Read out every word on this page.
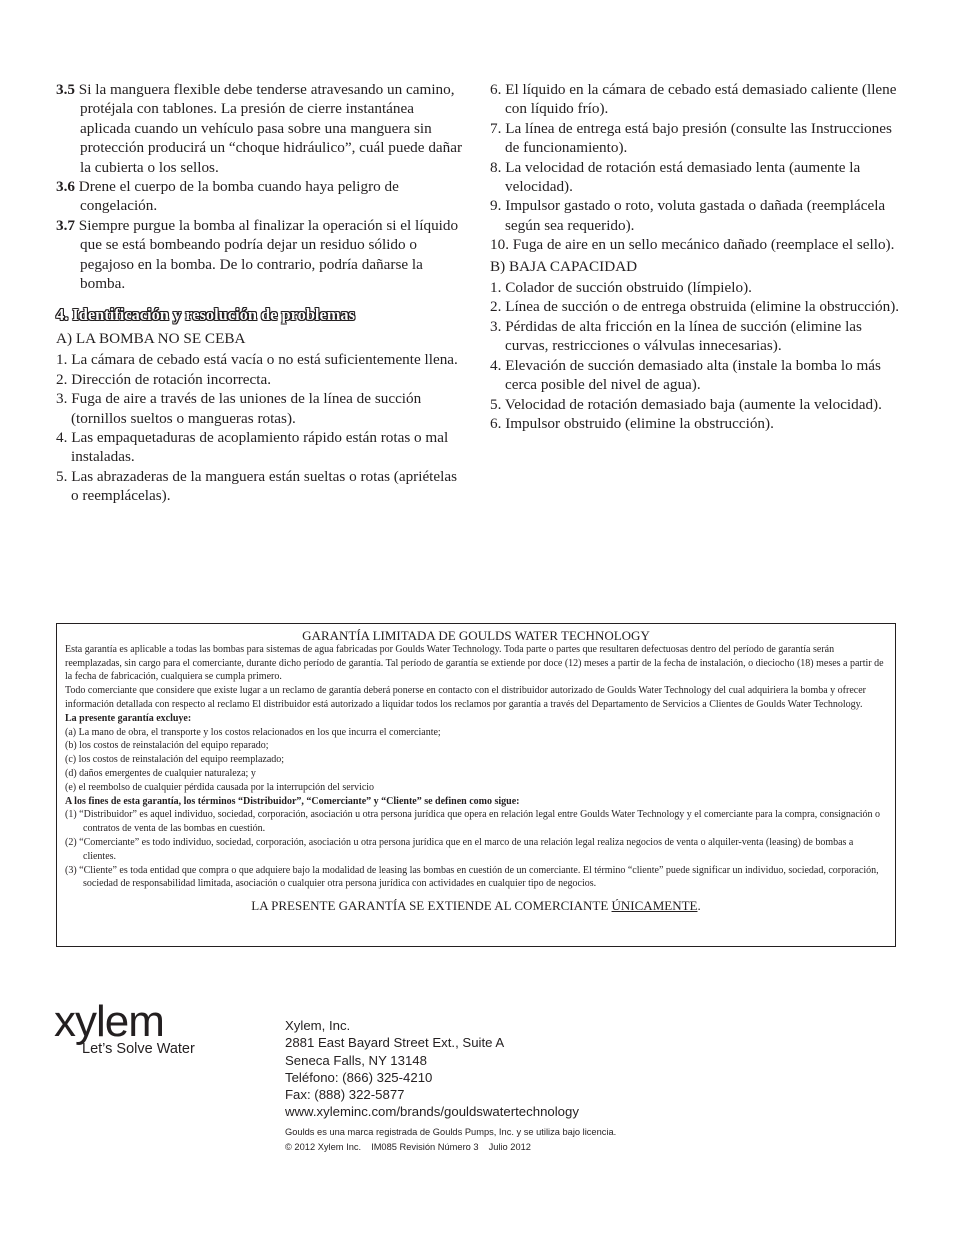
3.5 Si la manguera flexible debe tenderse atravesando un camino, protéjala con tablones. La presión de cierre instantánea aplicada cuando un vehículo pasa sobre una manguera sin protección producirá un “choque hidráulico”, cuál puede dañar la cubierta o los sellos.

3.6 Drene el cuerpo de la bomba cuando haya peligro de congelación.

3.7 Siempre purgue la bomba al finalizar la operación si el líquido que se está bombeando podría dejar un residuo sólido o pegajoso en la bomba. De lo contrario, podría dañarse la bomba.

4. Identificación y resolución de problemas

A) LA BOMBA NO SE CEBA

1. La cámara de cebado está vacía o no está suficientemente llena.

2. Dirección de rotación incorrecta.

3. Fuga de aire a través de las uniones de la línea de succión (tornillos sueltos o mangueras rotas).

4. Las empaquetaduras de acoplamiento rápido están rotas o mal instaladas.

5. Las abrazaderas de la manguera están sueltas o rotas (apriételas o reemplácelas).

6. El líquido en la cámara de cebado está demasiado caliente (llene con líquido frío).

7. La línea de entrega está bajo presión (consulte las Instrucciones de funcionamiento).

8. La velocidad de rotación está demasiado lenta (aumente la velocidad).

9. Impulsor gastado o roto, voluta gastada o dañada (reemplácela según sea requerido).

10. Fuga de aire en un sello mecánico dañado (reemplace el sello).

B) BAJA CAPACIDAD

1. Colador de succión obstruido (límpielo).

2. Línea de succión o de entrega obstruida (elimine la obstrucción).

3. Pérdidas de alta fricción en la línea de succión (elimine las curvas, restricciones o válvulas innecesarias).

4. Elevación de succión demasiado alta (instale la bomba lo más cerca posible del nivel de agua).

5. Velocidad de rotación demasiado baja (aumente la velocidad).

6. Impulsor obstruido (elimine la obstrucción).

GARANTÍA LIMITADA DE GOULDS WATER TECHNOLOGY

Esta garantía es aplicable a todas las bombas para sistemas de agua fabricadas por Goulds Water Technology. Toda parte o partes que resultaren defectuosas dentro del período de garantía serán reemplazadas, sin cargo para el comerciante, durante dicho período de garantía. Tal período de garantía se extiende por doce (12) meses a partir de la fecha de instalación, o dieciocho (18) meses a partir de la fecha de fabricación, cualquiera se cumpla primero.

Todo comerciante que considere que existe lugar a un reclamo de garantía deberá ponerse en contacto con el distribuidor autorizado de Goulds Water Technology del cual adquiriera la bomba y ofrecer información detallada con respecto al reclamo El distribuidor está autorizado a liquidar todos los reclamos por garantía a través del Departamento de Servicios a Clientes de Goulds Water Technology.

La presente garantía excluye:

(a) La mano de obra, el transporte y los costos relacionados en los que incurra el comerciante;

(b) los costos de reinstalación del equipo reparado;

(c) los costos de reinstalación del equipo reemplazado;

(d) daños emergentes de cualquier naturaleza; y

(e) el reembolso de cualquier pérdida causada por la interrupción del servicio

A los fines de esta garantía, los términos “Distribuidor”, “Comerciante” y “Cliente” se definen como sigue:

(1) “Distribuidor” es aquel individuo, sociedad, corporación, asociación u otra persona jurídica que opera en relación legal entre Goulds Water Technology y el comerciante para la compra, consignación o contratos de venta de las bombas en cuestión.

(2) “Comerciante” es todo individuo, sociedad, corporación, asociación u otra persona jurídica que en el marco de una relación legal realiza negocios de venta o alquiler-venta (leasing) de bombas a clientes.

(3) “Cliente” es toda entidad que compra o que adquiere bajo la modalidad de leasing las bombas en cuestión de un comerciante. El término “cliente” puede significar un individuo, sociedad, corporación, sociedad de responsabilidad limitada, asociación o cualquier otra persona jurídica con actividades en cualquier tipo de negocios.

LA PRESENTE GARANTÍA SE EXTIENDE AL COMERCIANTE ÚNICAMENTE.
xylem
Let’s Solve Water
Xylem, Inc.
2881 East Bayard Street Ext., Suite A
Seneca Falls, NY 13148
Teléfono: (866) 325-4210
Fax: (888) 322-5877
www.xyleminc.com/brands/gouldswatertechnology
Goulds es una marca registrada de Goulds Pumps, Inc. y se utiliza bajo licencia.
© 2012 Xylem Inc. IM085 Revisión Número 3 Julio 2012
